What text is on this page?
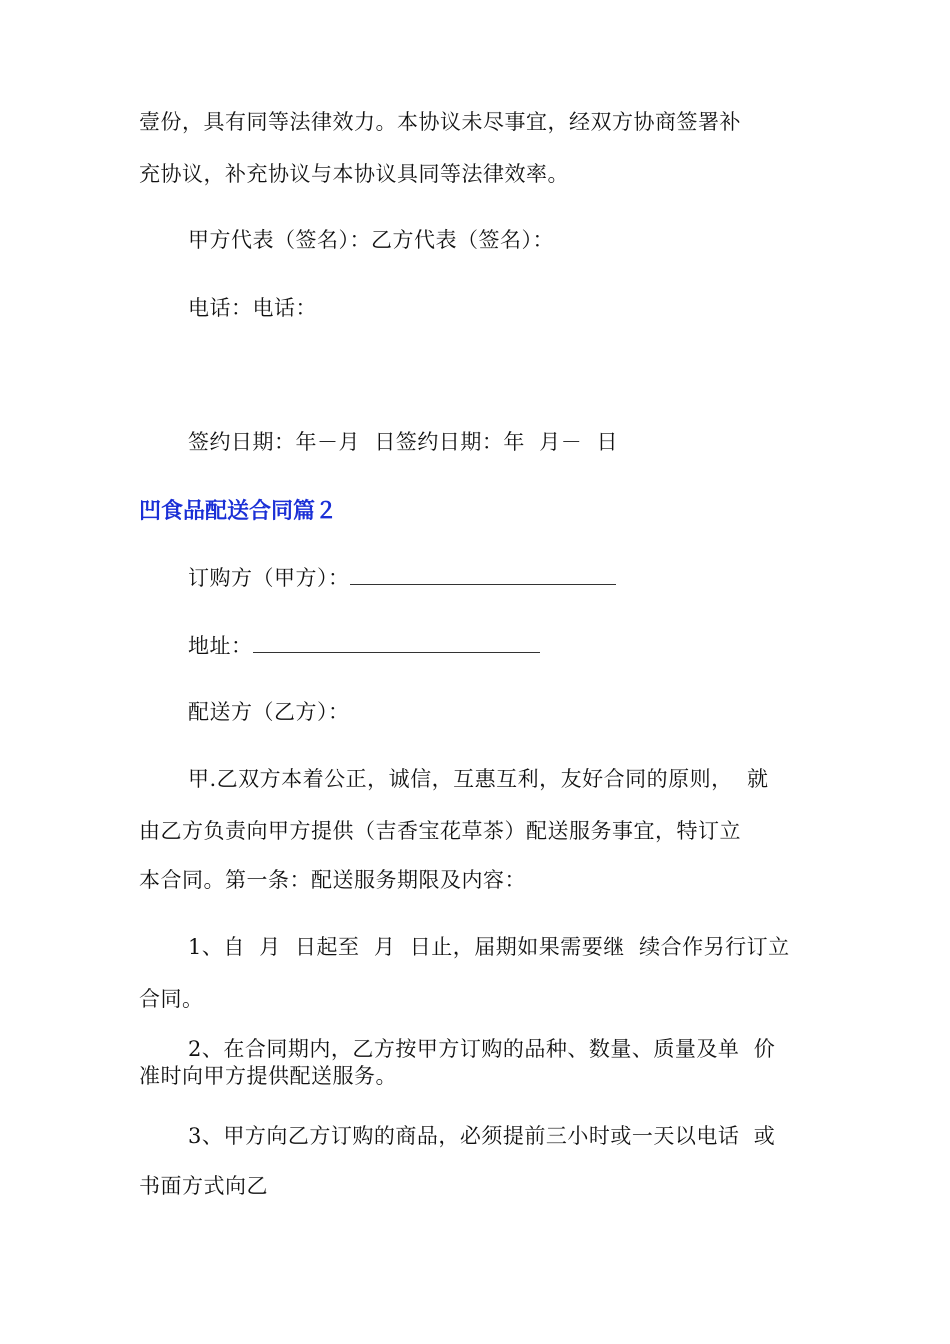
壹份，具有同等法律效力。本协议未尽事宜，经双方协商签署补
充协议，补充协议与本协议具同等法律效率。
甲方代表（签名）：乙方代表（签名）：
电话：电话：
签约日期：年－月  日签约日期：年  月－  日
凹食品配送合同篇２
订购方（甲方）：
地址：
配送方（乙方）：
甲.乙双方本着公正，诚信，互惠互利，友好合同的原则，  就
由乙方负责向甲方提供（吉香宝花草茶）配送服务事宜，特订立
本合同。第一条：配送服务期限及内容：
1、自  月  日起至  月  日止，届期如果需要继  续合作另行订立
合同。
2、在合同期内，乙方按甲方订购的品种、数量、质量及单  价
准时向甲方提供配送服务。
3、甲方向乙方订购的商品，必须提前三小时或一天以电话  或
书面方式向乙
